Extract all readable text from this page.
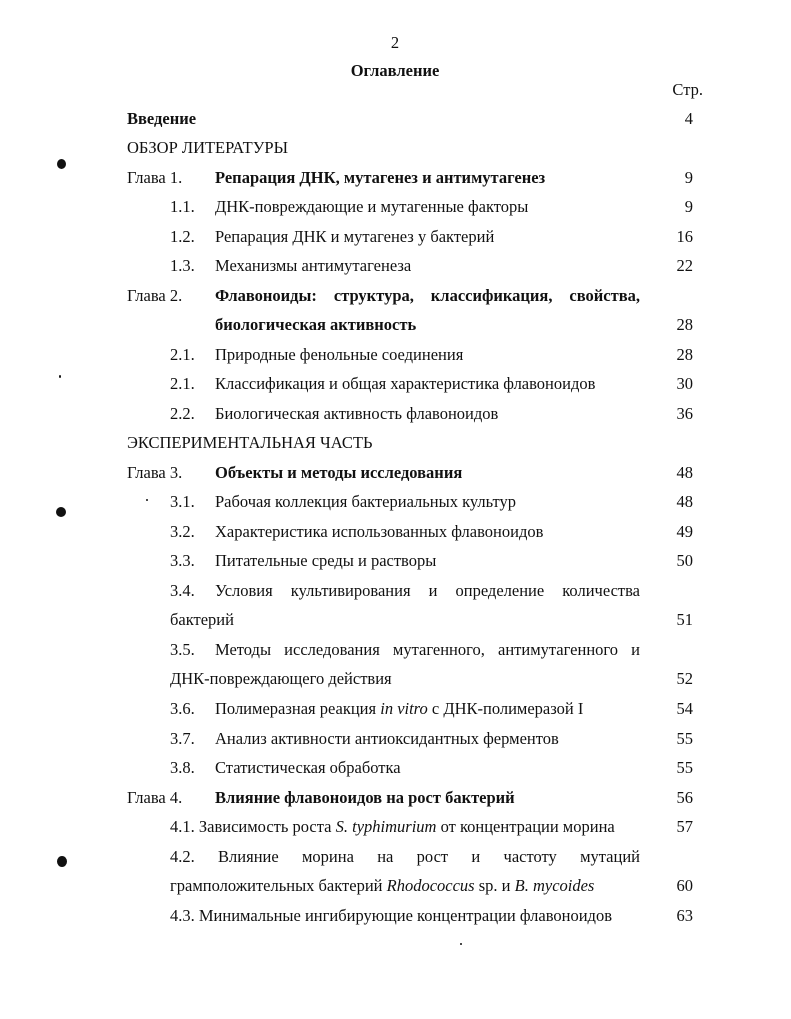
2
Оглавление
Стр.
Введение	4
ОБЗОР ЛИТЕРАТУРЫ
Глава 1. Репарация ДНК, мутагенез и антимутагенез	9
1.1. ДНК-повреждающие и мутагенные факторы	9
1.2. Репарация ДНК и мутагенез у бактерий	16
1.3. Механизмы антимутагенеза	22
Глава 2. Флавоноиды: структура, классификация, свойства,
биологическая активность	28
2.1. Природные фенольные соединения	28
2.1. Классификация и общая характеристика флавоноидов	30
2.2. Биологическая активность флавоноидов	36
ЭКСПЕРИМЕНТАЛЬНАЯ ЧАСТЬ
Глава 3. Объекты и методы исследования	48
3.1. Рабочая коллекция бактериальных культур	48
3.2. Характеристика использованных флавоноидов	49
3.3. Питательные среды и растворы	50
3.4. Условия культивирования и определение количества
бактерий	51
3.5. Методы исследования мутагенного, антимутагенного и
ДНК-повреждающего действия	52
3.6. Полимеразная реакция in vitro с ДНК-полимеразой I	54
3.7. Анализ активности антиоксидантных ферментов	55
3.8. Статистическая обработка	55
Глава 4. Влияние флавоноидов на рост бактерий	56
4.1. Зависимость роста S. typhimurium от концентрации морина	57
4.2. Влияние морина на рост и частоту мутаций
грамположительных бактерий Rhodococcus sp. и B. mycoides	60
4.3. Минимальные ингибирующие концентрации флавоноидов	63
